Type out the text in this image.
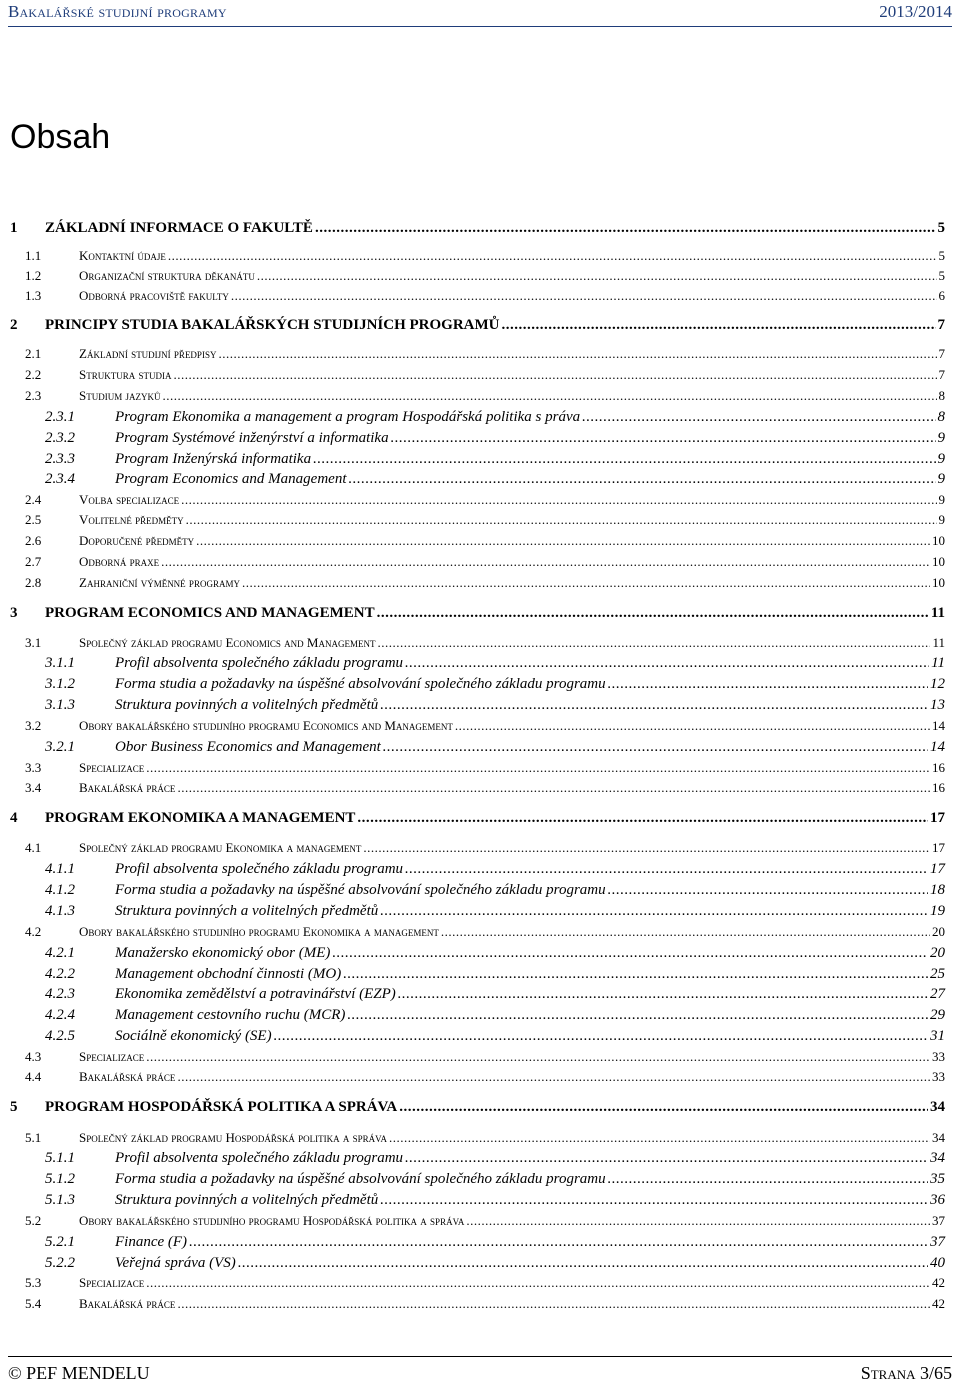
Bakalářské studijní programy	2013/2014
Obsah
1	ZÁKLADNÍ INFORMACE O FAKULTĚ .....	5
1.1	Kontaktní údaje .....	5
1.2	Organizační struktura děkanátu .....	5
1.3	Odborná pracoviště fakulty .....	6
2	PRINCIPY STUDIA BAKALÁŘSKÝCH STUDIJNÍCH PROGRAMŮ .....	7
2.1	Základní studijní předpisy .....	7
2.2	Struktura studia .....	7
2.3	Studium jazyků .....	8
2.3.1	Program Ekonomika a management a program Hospodářská politika s práva .....	8
2.3.2	Program Systémové inženýrství a informatika .....	9
2.3.3	Program Inženýrská informatika .....	9
2.3.4	Program Economics and Management .....	9
2.4	Volba specializace .....	9
2.5	Volitelné předměty .....	9
2.6	Doporučené předměty .....	10
2.7	Odborná praxe .....	10
2.8	Zahraniční výměnné programy .....	10
3	PROGRAM ECONOMICS AND MANAGEMENT .....	11
3.1	Společný základ programu Economics and Management .....	11
3.1.1	Profil absolventa společného základu programu .....	11
3.1.2	Forma studia a požadavky na úspěšné absolvování společného základu programu .....	12
3.1.3	Struktura povinných a volitelných předmětů .....	13
3.2	Obory bakalářského studijního programu Economics and Management .....	14
3.2.1	Obor Business Economics and Management .....	14
3.3	Specializace .....	16
3.4	Bakalářská práce .....	16
4	PROGRAM EKONOMIKA A MANAGEMENT .....	17
4.1	Společný základ programu Ekonomika a management .....	17
4.1.1	Profil absolventa společného základu programu .....	17
4.1.2	Forma studia a požadavky na úspěšné absolvování společného základu programu .....	18
4.1.3	Struktura povinných a volitelných předmětů .....	19
4.2	Obory bakalářského studijního programu Ekonomika a management .....	20
4.2.1	Manažersko ekonomický obor (ME) .....	20
4.2.2	Management obchodní činnosti (MO) .....	25
4.2.3	Ekonomika zemědělství a potravinářství (EZP) .....	27
4.2.4	Management cestovního ruchu (MCR) .....	29
4.2.5	Sociálně ekonomický (SE) .....	31
4.3	Specializace .....	33
4.4	Bakalářská práce .....	33
5	PROGRAM HOSPODÁŘSKÁ POLITIKA A SPRÁVA .....	34
5.1	Společný základ programu Hospodářská politika a správa .....	34
5.1.1	Profil absolventa společného základu programu .....	34
5.1.2	Forma studia a požadavky na úspěšné absolvování společného základu programu .....	35
5.1.3	Struktura povinných a volitelných předmětů .....	36
5.2	Obory bakalářského studijního programu Hospodářská politika a správa .....	37
5.2.1	Finance (F) .....	37
5.2.2	Veřejná správa (VS) .....	40
5.3	Specializace .....	42
5.4	Bakalářská práce .....	42
© PEF MENDELU	Strana 3/65
